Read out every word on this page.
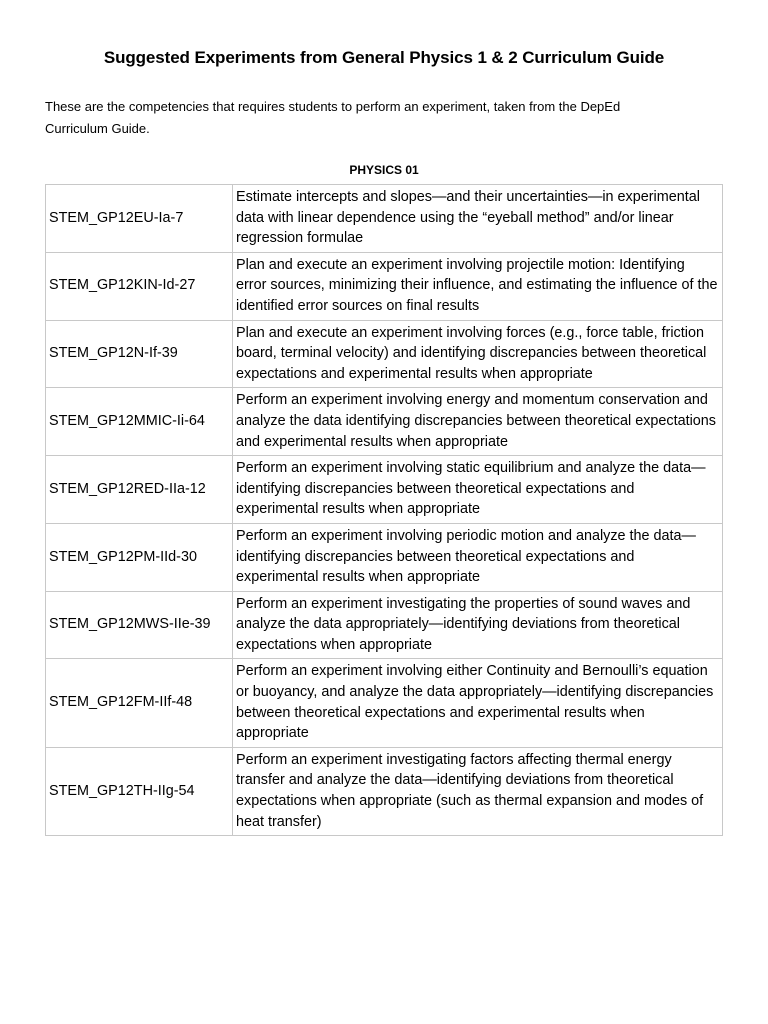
Suggested Experiments from General Physics 1 & 2 Curriculum Guide
These are the competencies that requires students to perform an experiment, taken from the DepEd
Curriculum Guide.
PHYSICS 01
STEM_GP12EU-Ia-7	Estimate intercepts and slopes—and their uncertainties—in experimental data with linear dependence using the “eyeball method” and/or linear regression formulae
STEM_GP12KIN-Id-27	Plan and execute an experiment involving projectile motion: Identifying error sources, minimizing their influence, and estimating the influence of the identified error sources on final results
STEM_GP12N-If-39	Plan and execute an experiment involving forces (e.g., force table, friction board, terminal velocity) and identifying discrepancies between theoretical expectations and experimental results when appropriate
STEM_GP12MMIC-Ii-64	Perform an experiment involving energy and momentum conservation and analyze the data identifying discrepancies between theoretical expectations and experimental results when appropriate
STEM_GP12RED-IIa-12	Perform an experiment involving static equilibrium and analyze the data— identifying discrepancies between theoretical expectations and experimental results when appropriate
STEM_GP12PM-IId-30	Perform an experiment involving periodic motion and analyze the data—identifying discrepancies between theoretical expectations and experimental results when appropriate
STEM_GP12MWS-IIe-39	Perform an experiment investigating the properties of sound waves and analyze the data appropriately—identifying deviations from theoretical expectations when appropriate
STEM_GP12FM-IIf-48	Perform an experiment involving either Continuity and Bernoulli’s equation or buoyancy, and analyze the data appropriately—identifying discrepancies between theoretical expectations and experimental results when appropriate
STEM_GP12TH-IIg-54	Perform an experiment investigating factors affecting thermal energy transfer and analyze the data—identifying deviations from theoretical expectations when appropriate (such as thermal expansion and modes of heat transfer)
